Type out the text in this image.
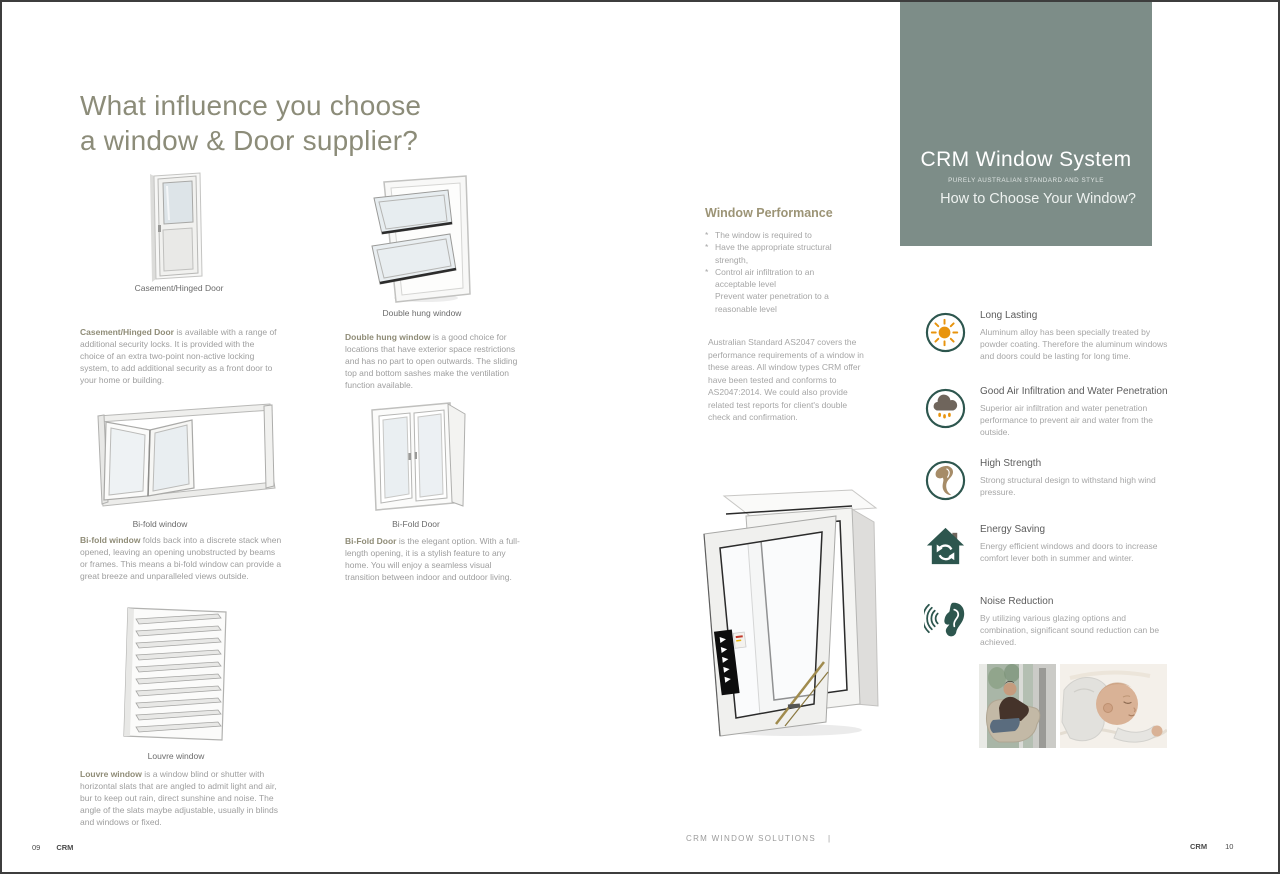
What influence you choose
a window & Door supplier?
Casement/Hinged Door

Casement/Hinged Door is available with a range of additional security locks. It is provided with the choice of an extra two-point non-active locking system, to add additional security as a front door to your home or building.

Double hung window

Double hung window is a good choice for locations that have exterior space restrictions and has no part to open outwards. The sliding top and bottom sashes make the ventilation function available.

Bi-fold window

Bi-fold window folds back into a discrete stack when opened, leaving an opening unobstructed by beams or frames. This means a bi-fold window can provide a great breeze and unparalleled views outside.

Bi-Fold Door

Bi-Fold Door is the elegant option. With a full-length opening, it is a stylish feature to any home. You will enjoy a seamless visual transition between indoor and outdoor living.

Louvre window

Louvre window is a window blind or shutter with horizontal slats that are angled to admit light and air, bur to keep out rain, direct sunshine and noise. The angle of the slats maybe adjustable, usually in blinds and windows or fixed.

Window Performance
* The window is required to
* Have the appropriate structural strength,
* Control air infiltration to an acceptable level
Prevent water penetration to a reasonable level

Australian Standard AS2047 covers the performance requirements of a window in these areas. All window types CRM offer have been tested and conforms to AS2047:2014. We could also provide related test reports for client's double check and confirmation.

CRM Window System
PURELY AUSTRALIAN STANDARD AND STYLE
How to Choose Your Window?
Long Lasting
Aluminum alloy has been specially treated by powder coating. Therefore the aluminum windows and doors could be lasting for long time.
Good Air Infiltration and Water Penetration
Superior air infiltration and water penetration performance to prevent air and water from the outside.
High Strength
Strong structural design to withstand high wind pressure.
Energy Saving
Energy efficient windows and doors to increase comfort lever both in summer and winter.
Noise Reduction
By utilizing various glazing options and combination, significant sound reduction can be achieved.
09 CRM
CRM WINDOW SOLUTIONS |
CRM 10
